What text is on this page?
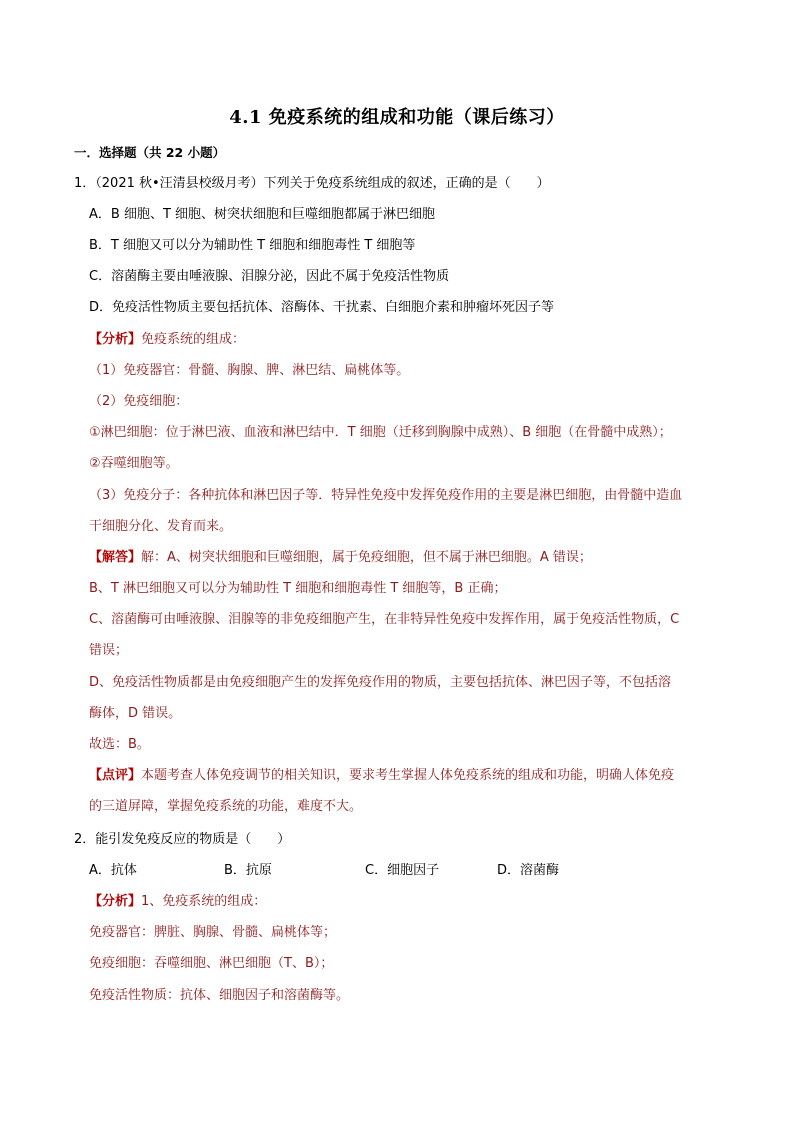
4.1 免疫系统的组成和功能（课后练习）
一．选择题（共 22 小题）
1．（2021 秋•汪清县校级月考）下列关于免疫系统组成的叙述，正确的是（　　）
A．B 细胞、T 细胞、树突状细胞和巨噬细胞都属于淋巴细胞
B．T 细胞又可以分为辅助性 T 细胞和细胞毒性 T 细胞等
C．溶菌酶主要由唾液腺、泪腺分泌，因此不属于免疫活性物质
D．免疫活性物质主要包括抗体、溶酶体、干扰素、白细胞介素和肿瘤坏死因子等
【分析】免疫系统的组成：
（1）免疫器官：骨髓、胸腺、脾、淋巴结、扁桃体等。
（2）免疫细胞：
①淋巴细胞：位于淋巴液、血液和淋巴结中．T 细胞（迁移到胸腺中成熟）、B 细胞（在骨髓中成熟）；
②吞噬细胞等。
（3）免疫分子：各种抗体和淋巴因子等．特异性免疫中发挥免疫作用的主要是淋巴细胞，由骨髓中造血
干细胞分化、发育而来。
【解答】解：A、树突状细胞和巨噬细胞，属于免疫细胞，但不属于淋巴细胞。A 错误；
B、T 淋巴细胞又可以分为辅助性 T 细胞和细胞毒性 T 细胞等，B 正确；
C、溶菌酶可由唾液腺、泪腺等的非免疫细胞产生，在非特异性免疫中发挥作用，属于免疫活性物质，C
错误；
D、免疫活性物质都是由免疫细胞产生的发挥免疫作用的物质，主要包括抗体、淋巴因子等，不包括溶
酶体，D 错误。
故选：B。
【点评】本题考查人体免疫调节的相关知识，要求考生掌握人体免疫系统的组成和功能，明确人体免疫
的三道屏障，掌握免疫系统的功能，难度不大。
2．能引发免疫反应的物质是（　　）
A．抗体	B．抗原	C．细胞因子	D．溶菌酶
【分析】1、免疫系统的组成：
免疫器官：脾脏、胸腺、骨髓、扁桃体等；
免疫细胞：吞噬细胞、淋巴细胞（T、B）；
免疫活性物质：抗体、细胞因子和溶菌酶等。
